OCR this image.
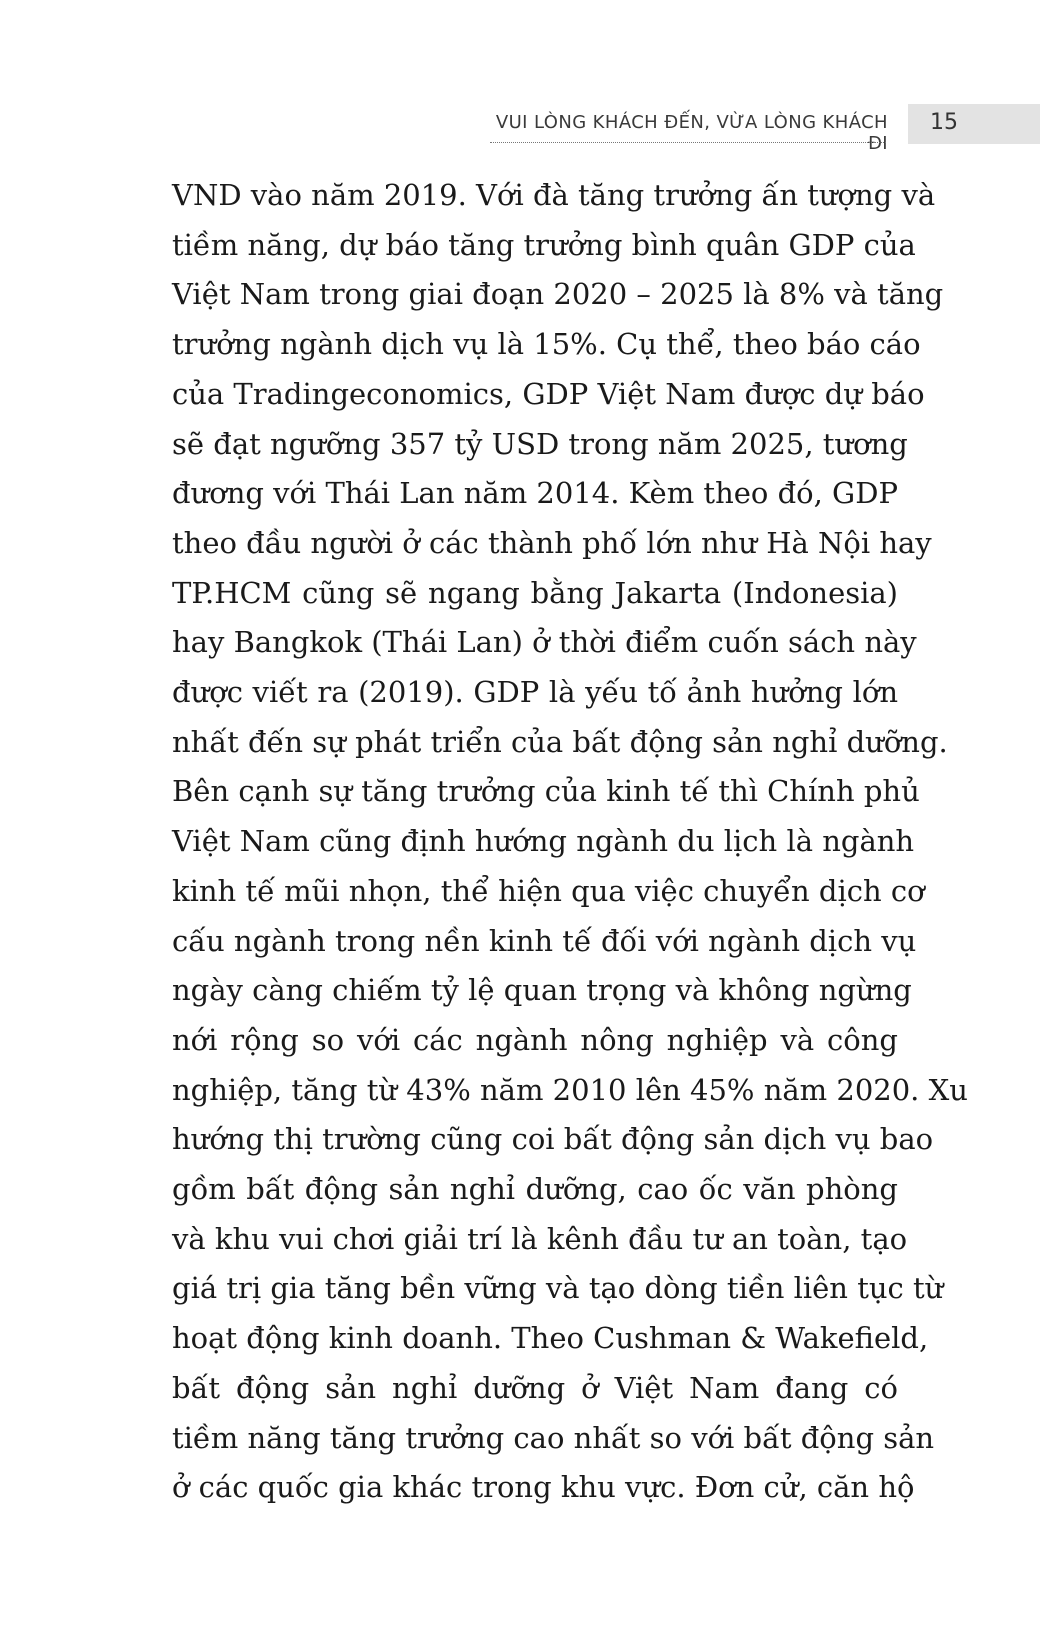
VUI LÒNG KHÁCH ĐẾN, VỪA LÒNG KHÁCH ĐI
15

VND vào năm 2019. Với đà tăng trưởng ấn tượng và
tiềm năng, dự báo tăng trưởng bình quân GDP của
Việt Nam trong giai đoạn 2020 – 2025 là 8% và tăng
trưởng ngành dịch vụ là 15%. Cụ thể, theo báo cáo
của Tradingeconomics, GDP Việt Nam được dự báo
sẽ đạt ngưỡng 357 tỷ USD trong năm 2025, tương
đương với Thái Lan năm 2014. Kèm theo đó, GDP
theo đầu người ở các thành phố lớn như Hà Nội hay
TP.HCM cũng sẽ ngang bằng Jakarta (Indonesia)
hay Bangkok (Thái Lan) ở thời điểm cuốn sách này
được viết ra (2019). GDP là yếu tố ảnh hưởng lớn
nhất đến sự phát triển của bất động sản nghỉ dưỡng.
Bên cạnh sự tăng trưởng của kinh tế thì Chính phủ
Việt Nam cũng định hướng ngành du lịch là ngành
kinh tế mũi nhọn, thể hiện qua việc chuyển dịch cơ
cấu ngành trong nền kinh tế đối với ngành dịch vụ
ngày càng chiếm tỷ lệ quan trọng và không ngừng
nới rộng so với các ngành nông nghiệp và công
nghiệp, tăng từ 43% năm 2010 lên 45% năm 2020. Xu
hướng thị trường cũng coi bất động sản dịch vụ bao
gồm bất động sản nghỉ dưỡng, cao ốc văn phòng
và khu vui chơi giải trí là kênh đầu tư an toàn, tạo
giá trị gia tăng bền vững và tạo dòng tiền liên tục từ
hoạt động kinh doanh. Theo Cushman & Wakefield,
bất động sản nghỉ dưỡng ở Việt Nam đang có
tiềm năng tăng trưởng cao nhất so với bất động sản
ở các quốc gia khác trong khu vực. Đơn cử, căn hộ
